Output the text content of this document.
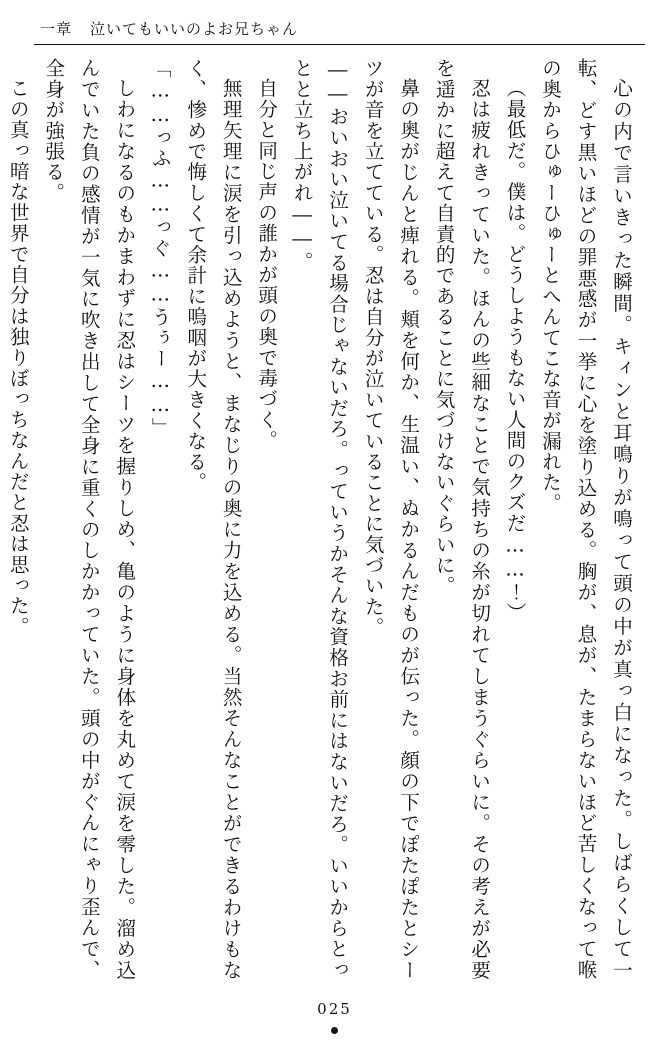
一章 泣いてもいいのよお兄ちゃん

心の内で言いきった瞬間。キィンと耳鳴りが鳴って頭の中が真っ白になった。しばらくして一転、どす黒いほどの罪悪感が一挙に心を塗り込める。胸が、息が、たまらないほど苦しくなって喉の奥からひゅーひゅーとへんてこな音が漏れた。

（最低だ。僕は。どうしようもない人間のクズだ……！）

忍は疲れきっていた。ほんの些細なことで気持ちの糸が切れてしまうぐらいに。その考えが必要を遥かに超えて自責的であることに気づけないぐらいに。

鼻の奥がじんと痺れる。頬を何か、生温い、ぬかるんだものが伝った。顔の下でぽたぽたとシーツが音を立てている。忍は自分が泣いていることに気づいた。

――おいおい泣いてる場合じゃないだろ。っていうかそんな資格お前にはないだろ。いいからとっとと立ち上がれ――。

自分と同じ声の誰かが頭の奥で毒づく。

無理矢理に涙を引っ込めようと、まなじりの奥に力を込める。当然そんなことができるわけもなく、惨めで悔しくて余計に嗚咽が大きくなる。

「……っふ……っぐ……うぅー……」

しわになるのもかまわずに忍はシーツを握りしめ、亀のように身体を丸めて涙を零した。溜め込んでいた負の感情が一気に吹き出して全身に重くのしかかっていた。頭の中がぐんにゃり歪んで、全身が強張る。

この真っ暗な世界で自分は独りぼっちなんだと忍は思った。

025
